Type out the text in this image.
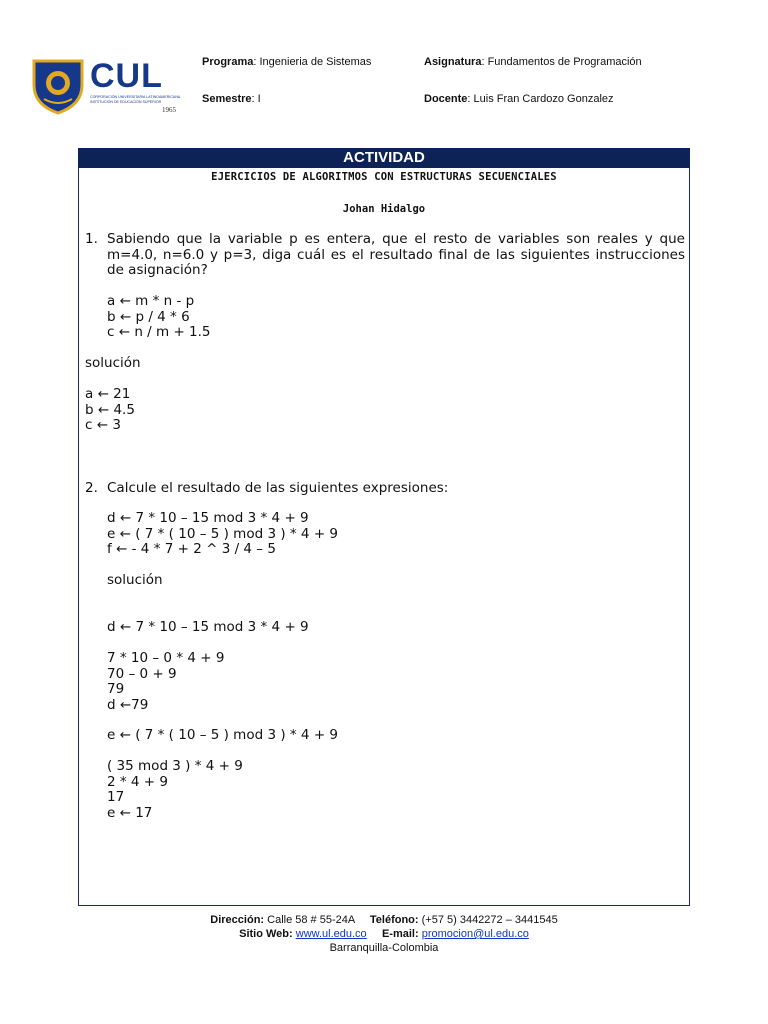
CUL
CORPORACIÓN UNIVERSITARIA LATINOAMERICANA
INSTITUCIÓN DE EDUCACIÓN SUPERIOR
1965
Programa: Ingenieria de Sistemas	Asignatura: Fundamentos de Programación
Semestre: I	Docente: Luis Fran Cardozo Gonzalez
ACTIVIDAD
EJERCICIOS DE ALGORITMOS CON ESTRUCTURAS SECUENCIALES
Johan Hidalgo
1. Sabiendo que la variable p es entera, que el resto de variables son reales y que m=4.0, n=6.0 y p=3, diga cuál es el resultado final de las siguientes instrucciones de asignación?
a ← m * n - p
b ← p / 4 * 6
c ← n / m + 1.5
solución
a ← 21
b ← 4.5
c ← 3
2. Calcule el resultado de las siguientes expresiones:
d ← 7 * 10 – 15 mod 3 * 4 + 9
e ← ( 7 * ( 10 – 5 ) mod 3 ) * 4 + 9
f ← - 4 * 7 + 2 ^ 3 / 4 – 5
solución
d ← 7 * 10 – 15 mod 3 * 4 + 9
7 * 10 – 0 * 4 + 9
70 – 0 + 9
79
d ←79
e ← ( 7 * ( 10 – 5 ) mod 3 ) * 4 + 9
( 35 mod 3 ) * 4 + 9
2 * 4 + 9
17
e ← 17
Dirección: Calle 58 # 55-24A Teléfono: (+57 5) 3442272 – 3441545
Sitio Web: www.ul.edu.co E-mail: promocion@ul.edu.co
Barranquilla-Colombia
